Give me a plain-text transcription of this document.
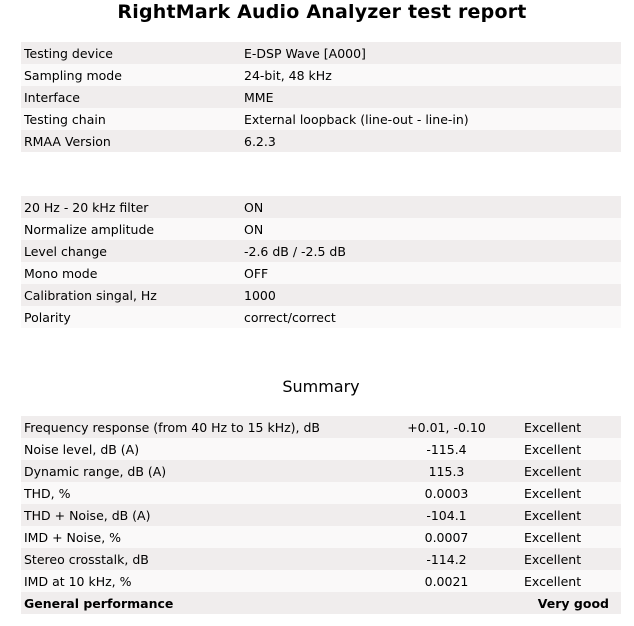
RightMark Audio Analyzer test report
Testing device	E-DSP Wave [A000]
Sampling mode	24-bit, 48 kHz
Interface	MME
Testing chain	External loopback (line-out - line-in)
RMAA Version	6.2.3
20 Hz - 20 kHz filter	ON
Normalize amplitude	ON
Level change	-2.6 dB / -2.5 dB
Mono mode	OFF
Calibration singal, Hz	1000
Polarity	correct/correct
Summary
Frequency response (from 40 Hz to 15 kHz), dB	+0.01, -0.10	Excellent
Noise level, dB (A)	-115.4	Excellent
Dynamic range, dB (A)	115.3	Excellent
THD, %	0.0003	Excellent
THD + Noise, dB (A)	-104.1	Excellent
IMD + Noise, %	0.0007	Excellent
Stereo crosstalk, dB	-114.2	Excellent
IMD at 10 kHz, %	0.0021	Excellent
General performance		Very good
